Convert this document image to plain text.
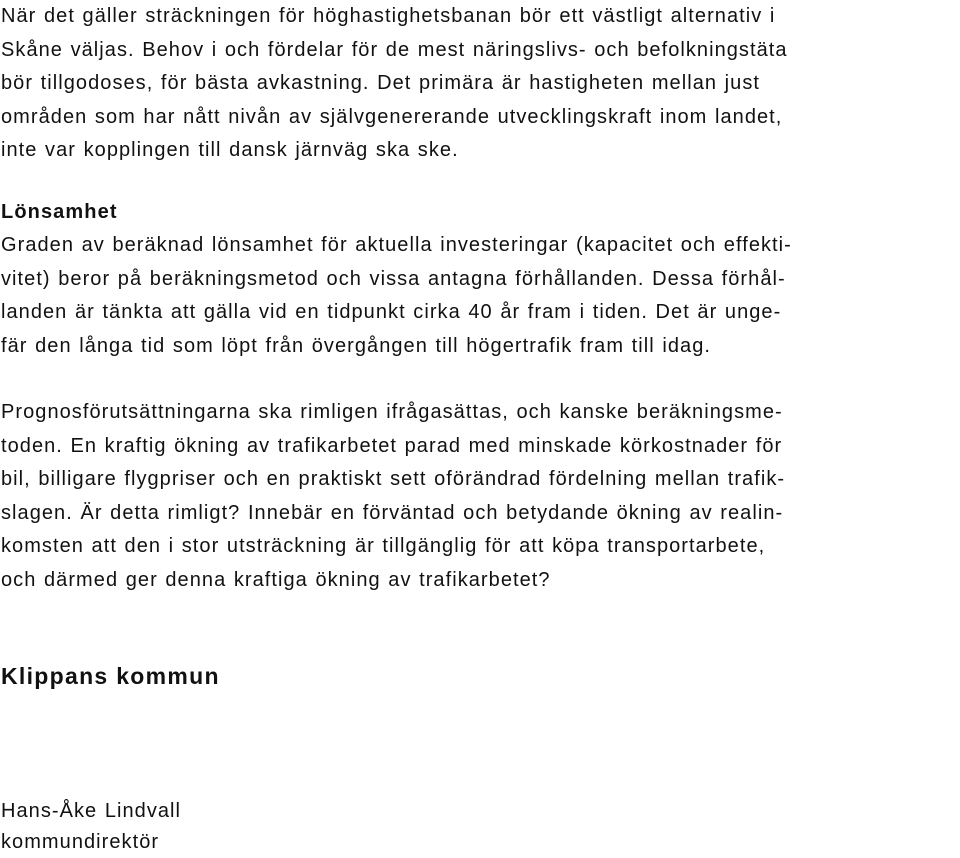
När det gäller sträckningen för höghastighetsbanan bör ett västligt alternativ i
Skåne väljas. Behov i och fördelar för de mest näringslivs- och befolkningstäta
bör tillgodoses, för bästa avkastning. Det primära är hastigheten mellan just
områden som har nått nivån av självgenererande utvecklingskraft inom landet,
inte var kopplingen till dansk järnväg ska ske.
Lönsamhet
Graden av beräknad lönsamhet för aktuella investeringar (kapacitet och effekti-
vitet) beror på beräkningsmetod och vissa antagna förhållanden. Dessa förhål-
landen är tänkta att gälla vid en tidpunkt cirka 40 år fram i tiden. Det är unge-
fär den långa tid som löpt från övergången till högertrafik fram till idag.
Prognosförutsättningarna ska rimligen ifrågasättas, och kanske beräkningsme-
toden. En kraftig ökning av trafikarbetet parad med minskade körkostnader för
bil, billigare flygpriser och en praktiskt sett oförändrad fördelning mellan trafik-
slagen. Är detta rimligt? Innebär en förväntad och betydande ökning av realin-
komsten att den i stor utsträckning är tillgänglig för att köpa transportarbete,
och därmed ger denna kraftiga ökning av trafikarbetet?
Klippans kommun
Hans-Åke Lindvall
kommundirektör
